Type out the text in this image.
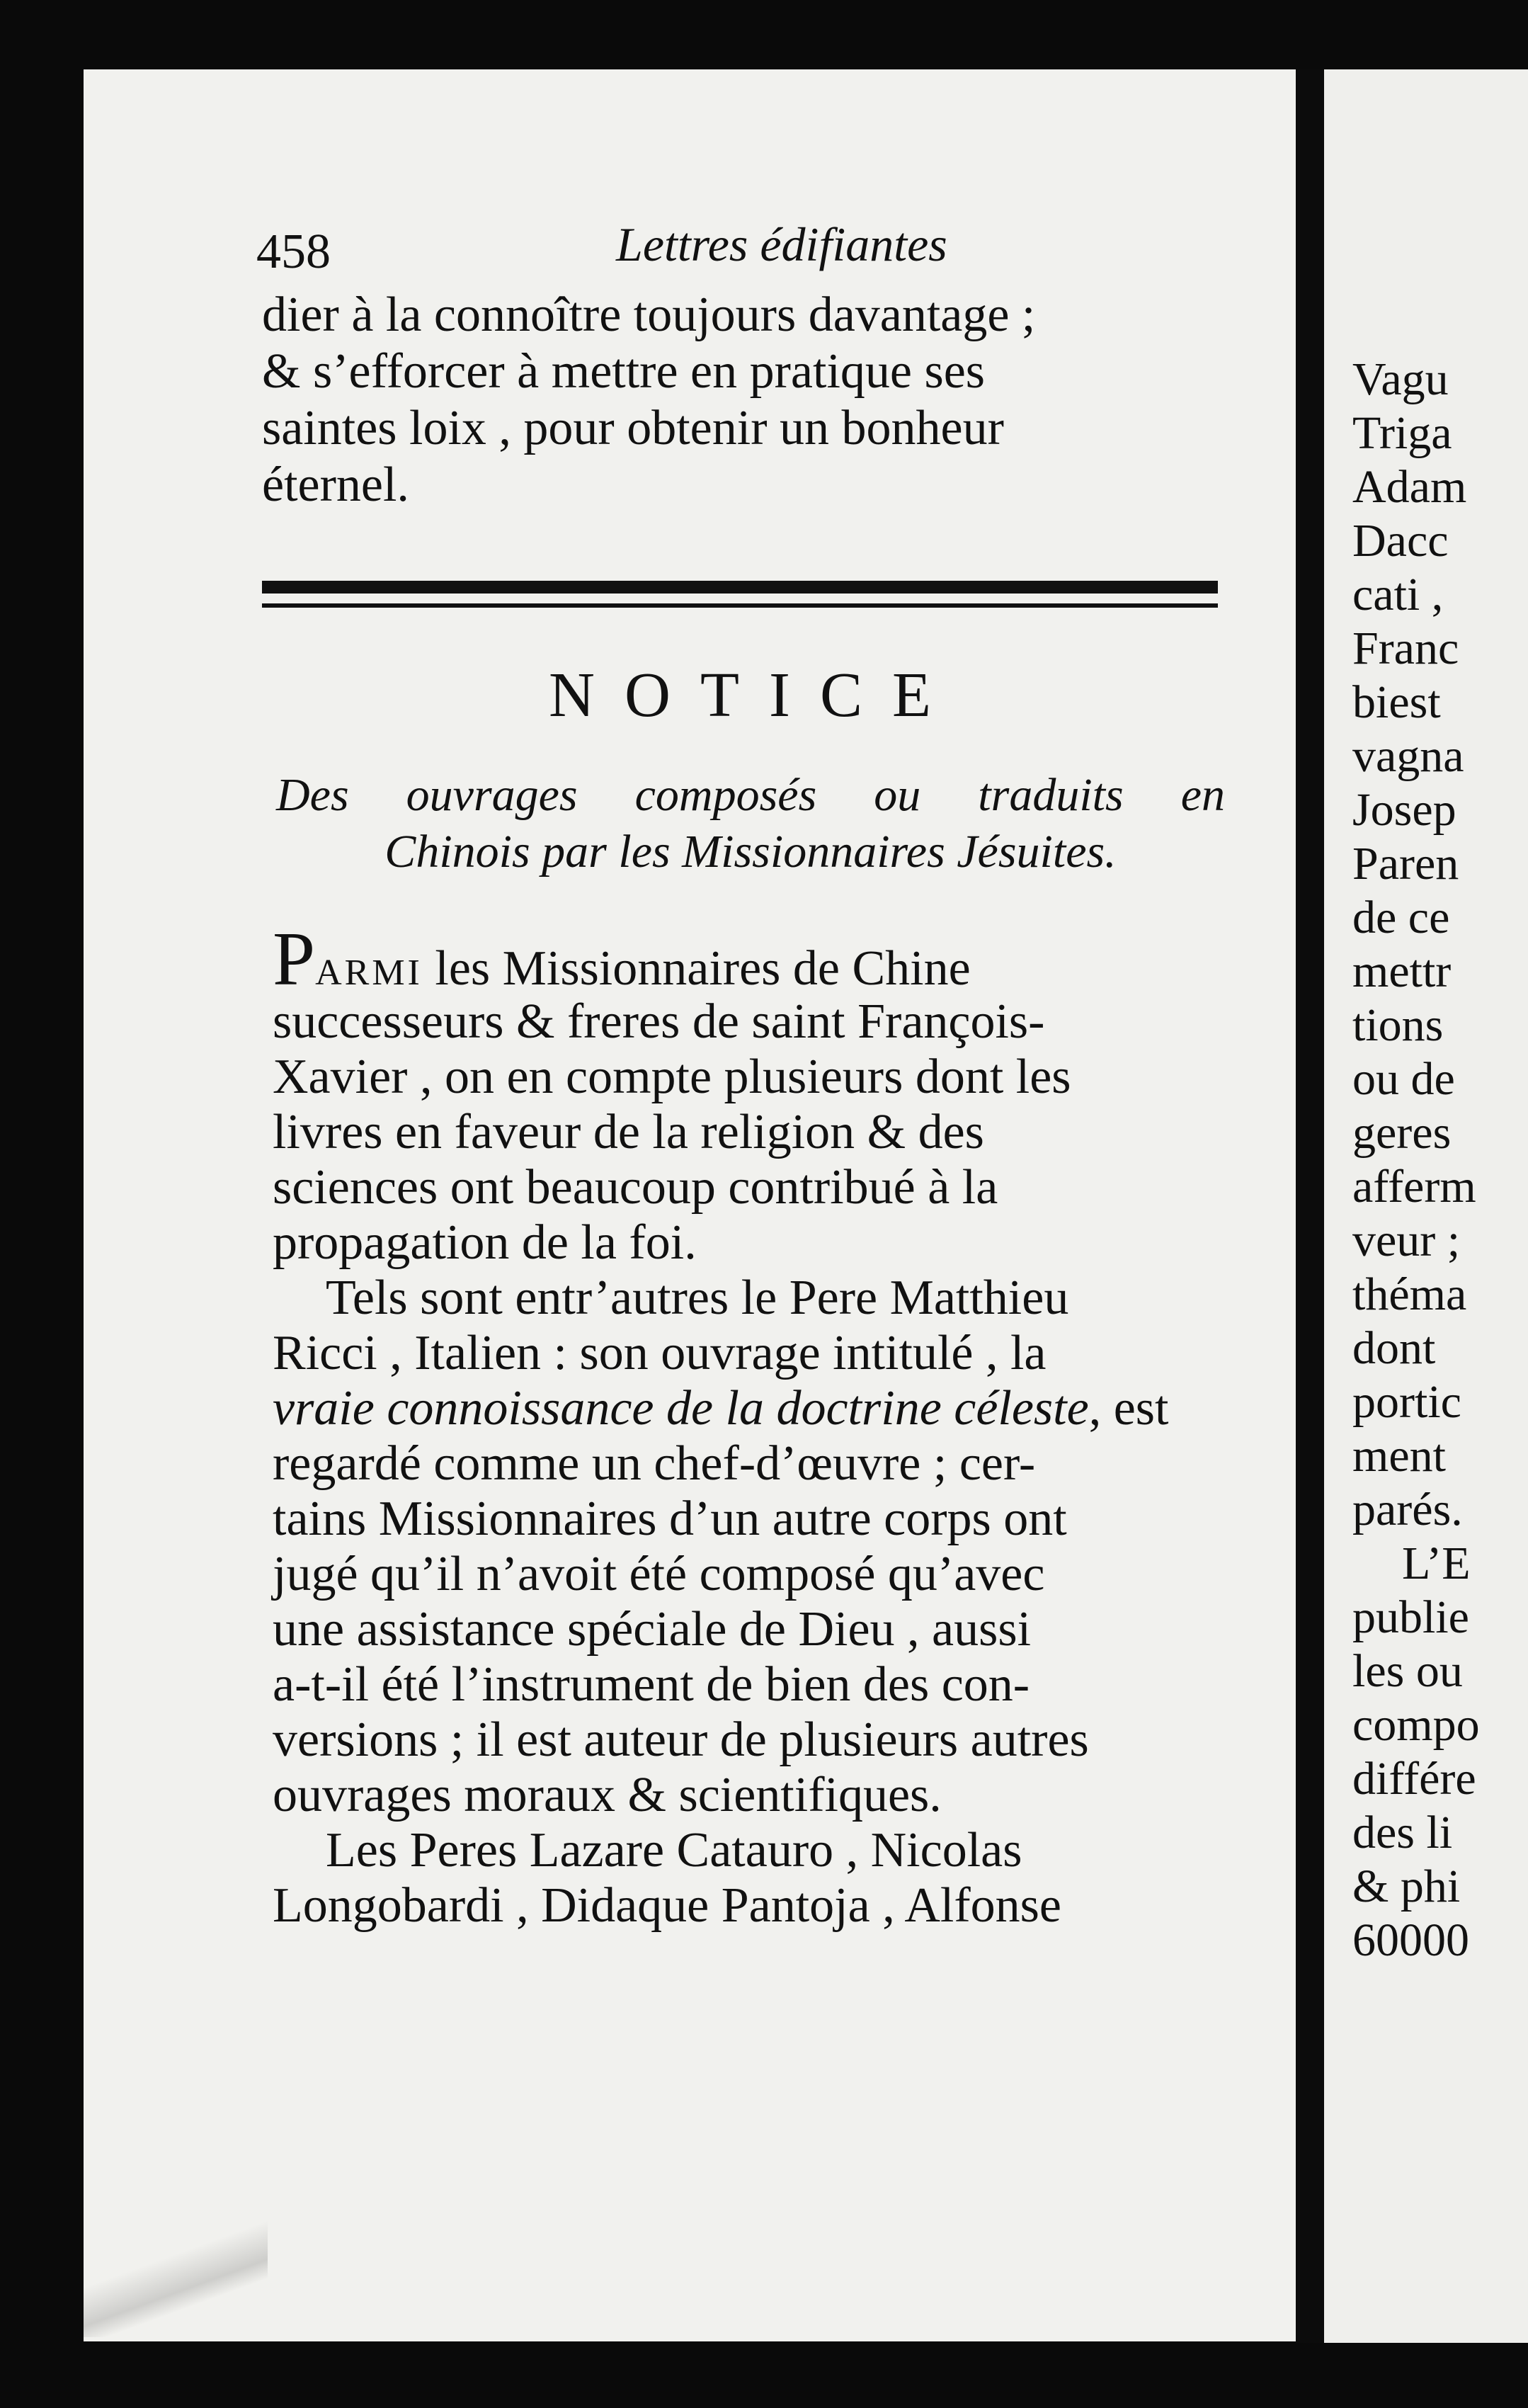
458	Lettres édifiantes
dier à la connoître toujours davantage ;
& s’efforcer à mettre en pratique ses
saintes loix , pour obtenir un bonheur
éternel.
NOTICE
Des ouvrages composés ou traduits en
Chinois par les Missionnaires Jésuites.
PARMI les Missionnaires de Chine
successeurs & freres de saint François-
Xavier , on en compte plusieurs dont les
livres en faveur de la religion & des
sciences ont beaucoup contribué à la
propagation de la foi.
Tels sont entr’autres le Pere Matthieu
Ricci , Italien : son ouvrage intitulé , la
vraie connoissance de la doctrine céleste, est
regardé comme un chef-d’œuvre ; cer-
tains Missionnaires d’un autre corps ont
jugé qu’il n’avoit été composé qu’avec
une assistance spéciale de Dieu , aussi
a-t-il été l’instrument de bien des con-
versions ; il est auteur de plusieurs autres
ouvrages moraux & scientifiques.
Les Peres Lazare Catauro , Nicolas
Longobardi , Didaque Pantoja , Alfonse
Vagu
Triga
Adam
Dacc
cati ,
Franc
biest
vagna
Josep
Paren
de ce
mettr
tions
ou de
geres
afferm
veur ;
théma
dont
portic
ment
parés.
L’E
publie
les ou
compo
différe
des li
& phi
60000
